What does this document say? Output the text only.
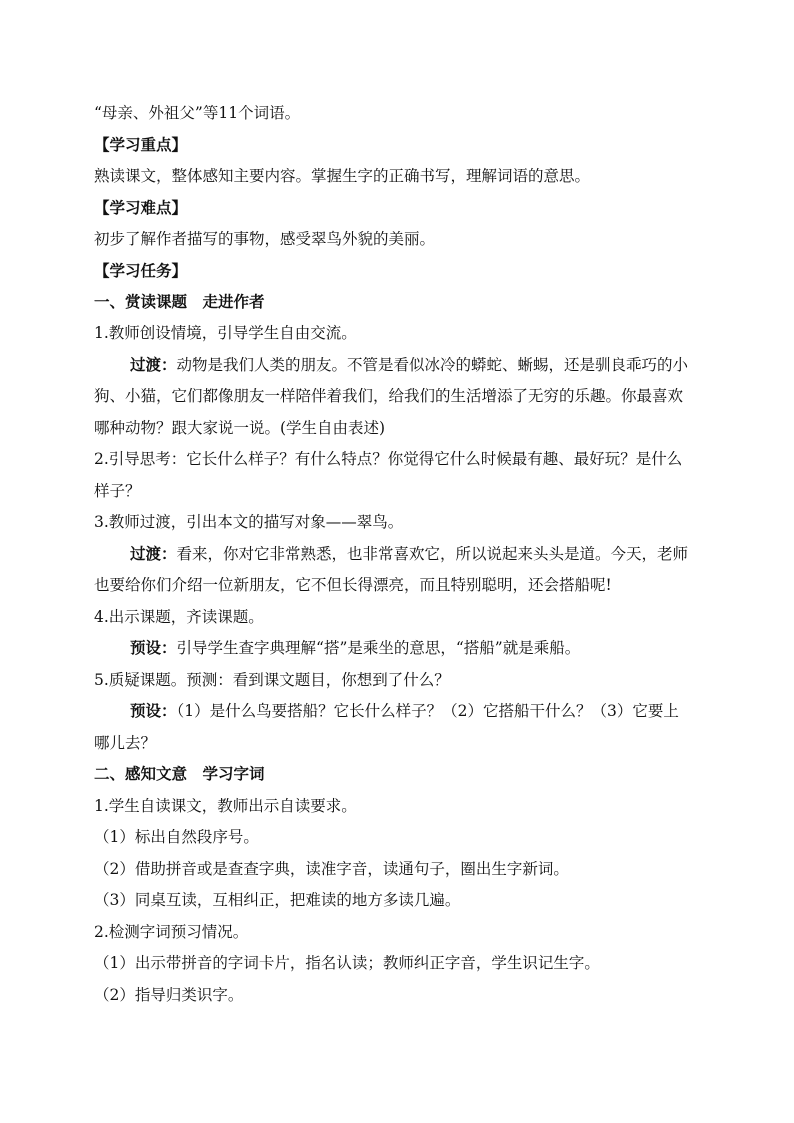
“母亲、外祖父”等11个词语。
【学习重点】
熟读课文，整体感知主要内容。掌握生字的正确书写，理解词语的意思。
【学习难点】
初步了解作者描写的事物，感受翠鸟外貌的美丽。
【学习任务】
一、赏读课题　走进作者
1.教师创设情境，引导学生自由交流。
过渡：动物是我们人类的朋友。不管是看似冰冷的蟒蛇、蜥蜴，还是驯良乖巧的小
狗、小猫，它们都像朋友一样陪伴着我们，给我们的生活增添了无穷的乐趣。你最喜欢
哪种动物？跟大家说一说。(学生自由表述)
2.引导思考：它长什么样子？有什么特点？你觉得它什么时候最有趣、最好玩？是什么
样子？
3.教师过渡，引出本文的描写对象——翠鸟。
过渡：看来，你对它非常熟悉，也非常喜欢它，所以说起来头头是道。今天，老师
也要给你们介绍一位新朋友，它不但长得漂亮，而且特别聪明，还会搭船呢!
4.出示课题，齐读课题。
预设：引导学生查字典理解“搭”是乘坐的意思，“搭船”就是乘船。
5.质疑课题。预测：看到课文题目，你想到了什么？
预设：（1）是什么鸟要搭船？它长什么样子？（2）它搭船干什么？（3）它要上
哪儿去？
二、感知文意　学习字词
1.学生自读课文，教师出示自读要求。
（1）标出自然段序号。
（2）借助拼音或是查查字典，读准字音，读通句子，圈出生字新词。
（3）同桌互读，互相纠正，把难读的地方多读几遍。
2.检测字词预习情况。
（1）出示带拼音的字词卡片，指名认读；教师纠正字音，学生识记生字。
（2）指导归类识字。
